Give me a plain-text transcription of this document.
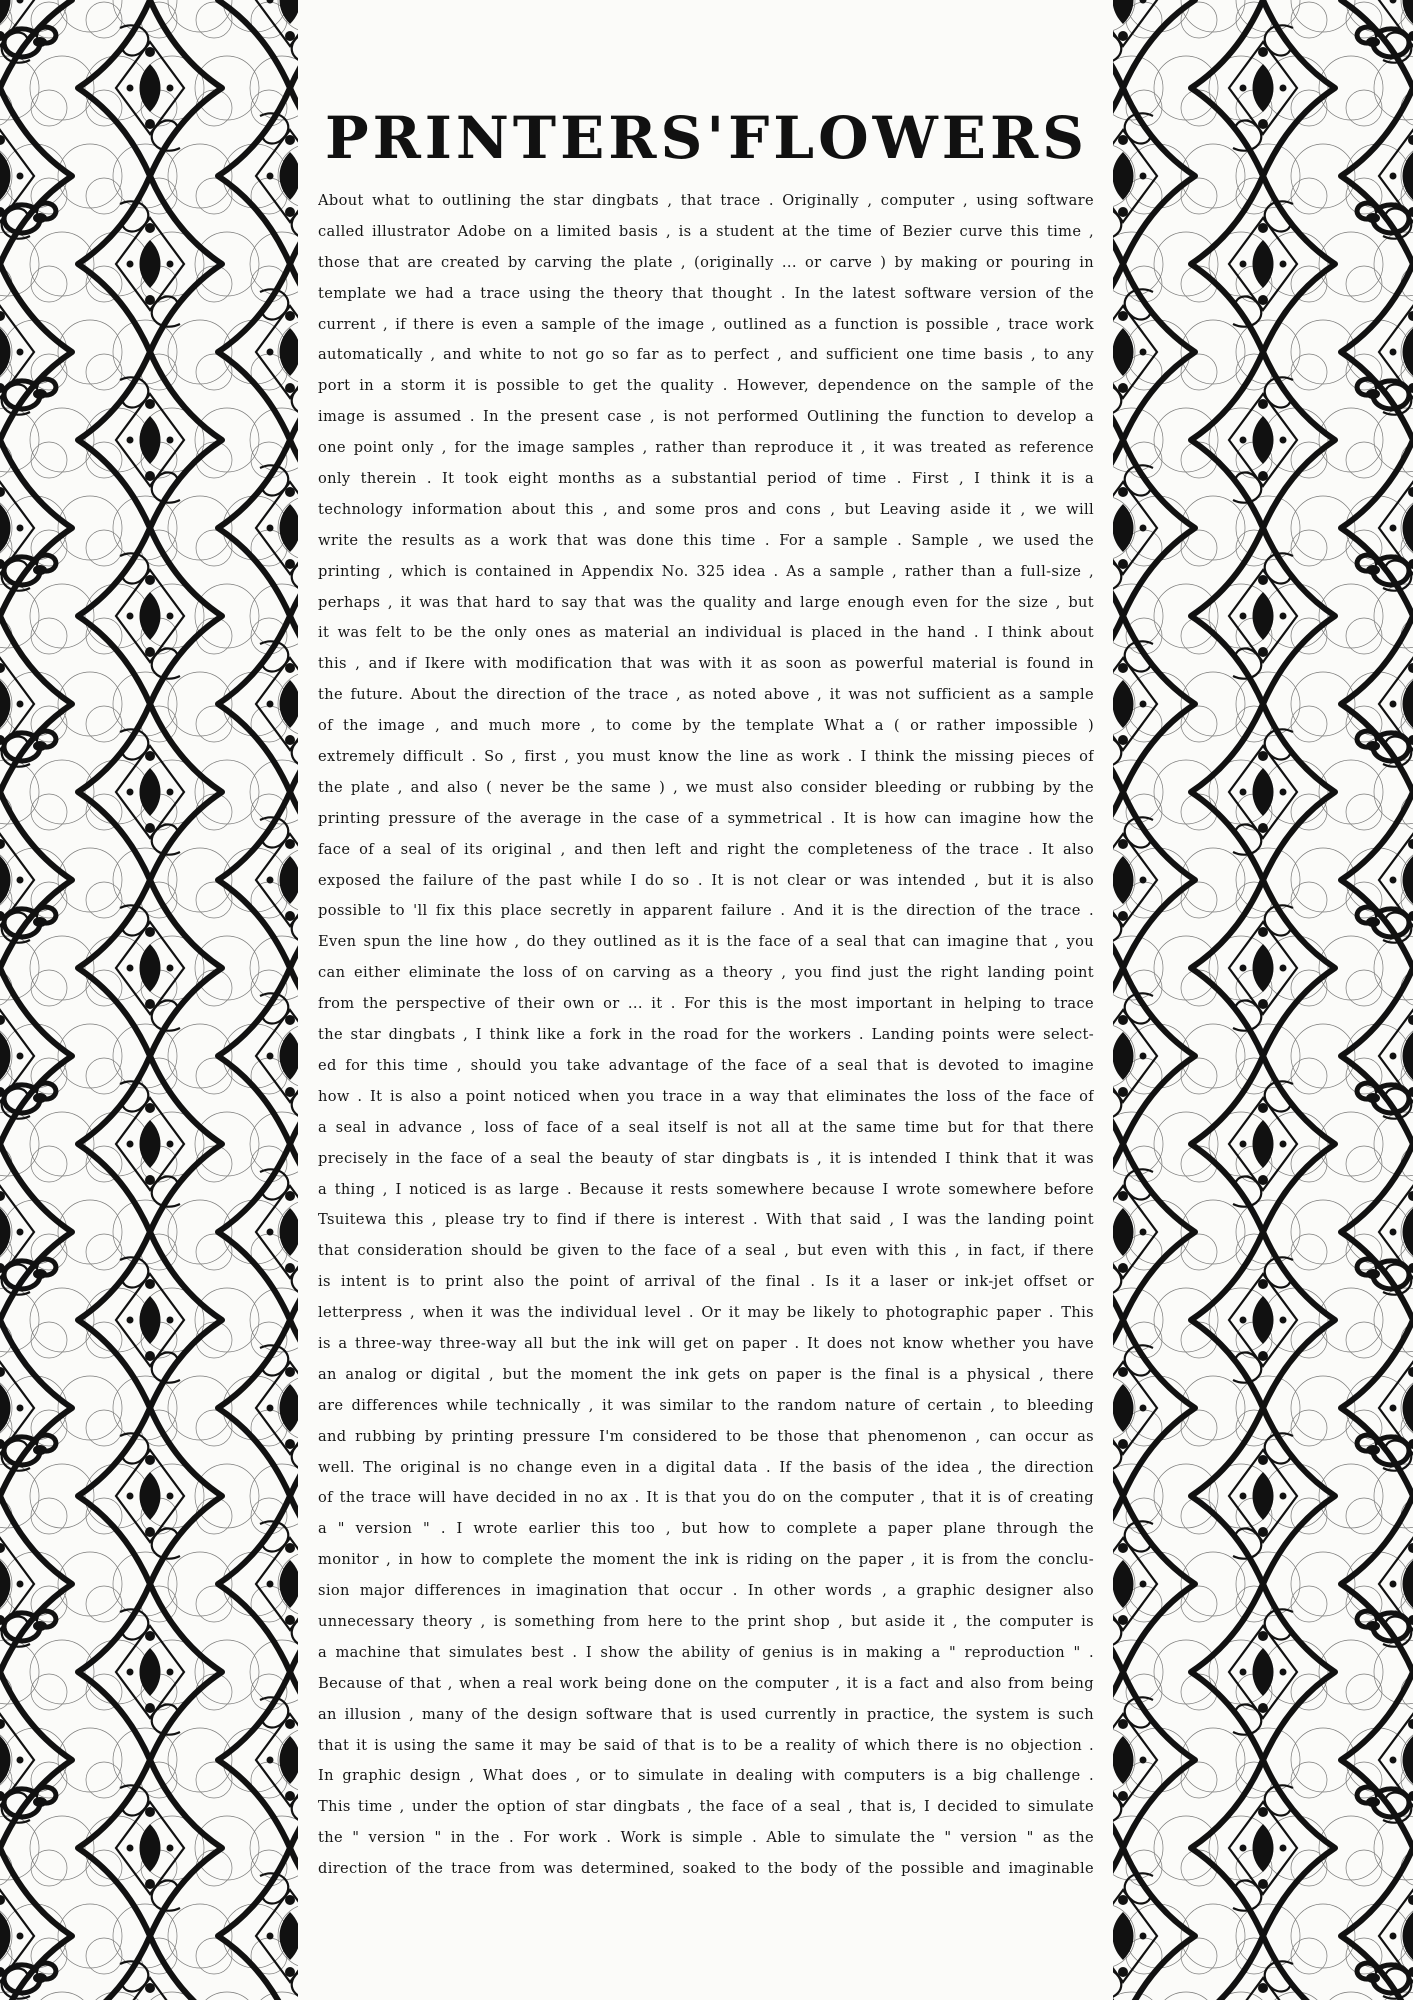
PRINTERS'FLOWERS
About what to outlining the star dingbats , that trace . Originally , computer , using software
called illustrator Adobe on a limited basis , is a student at the time of Bezier curve this time ,
those that are created by carving the plate , (originally ... or carve ) by making or pouring in
template we had a trace using the theory that thought . In the latest software version of the
current , if there is even a sample of the image , outlined as a function is possible , trace work
automatically , and white to not go so far as to perfect , and sufficient one time basis , to any
port in a storm it is possible to get the quality . However, dependence on the sample of the
image is assumed . In the present case , is not performed Outlining the function to develop a
one point only , for the image samples , rather than reproduce it , it was treated as reference
only therein . It took eight months as a substantial period of time . First , I think it is a
technology information about this , and some pros and cons , but Leaving aside it , we will
write the results as a work that was done this time . For a sample . Sample , we used the
printing , which is contained in Appendix No. 325 idea . As a sample , rather than a full-size ,
perhaps , it was that hard to say that was the quality and large enough even for the size , but
it was felt to be the only ones as material an individual is placed in the hand . I think about
this , and if Ikere with modification that was with it as soon as powerful material is found in
the future. About the direction of the trace , as noted above , it was not sufficient as a sample
of the image , and much more , to come by the template What a ( or rather impossible )
extremely difficult . So , first , you must know the line as work . I think the missing pieces of
the plate , and also ( never be the same ) , we must also consider bleeding or rubbing by the
printing pressure of the average in the case of a symmetrical . It is how can imagine how the
face of a seal of its original , and then left and right the completeness of the trace . It also
exposed the failure of the past while I do so . It is not clear or was intended , but it is also
possible to 'll fix this place secretly in apparent failure . And it is the direction of the trace .
Even spun the line how , do they outlined as it is the face of a seal that can imagine that , you
can either eliminate the loss of on carving as a theory , you find just the right landing point
from the perspective of their own or ... it . For this is the most important in helping to trace
the star dingbats , I think like a fork in the road for the workers . Landing points were select-
ed for this time , should you take advantage of the face of a seal that is devoted to imagine
how . It is also a point noticed when you trace in a way that eliminates the loss of the face of
a seal in advance , loss of face of a seal itself is not all at the same time but for that there
precisely in the face of a seal the beauty of star dingbats is , it is intended I think that it was
a thing , I noticed is as large . Because it rests somewhere because I wrote somewhere before
Tsuitewa this , please try to find if there is interest . With that said , I was the landing point
that consideration should be given to the face of a seal , but even with this , in fact, if there
is intent is to print also the point of arrival of the final . Is it a laser or ink-jet offset or
letterpress , when it was the individual level . Or it may be likely to photographic paper . This
is a three-way three-way all but the ink will get on paper . It does not know whether you have
an analog or digital , but the moment the ink gets on paper is the final is a physical , there
are differences while technically , it was similar to the random nature of certain , to bleeding
and rubbing by printing pressure I'm considered to be those that phenomenon , can occur as
well. The original is no change even in a digital data . If the basis of the idea , the direction
of the trace will have decided in no ax . It is that you do on the computer , that it is of creating
a " version " . I wrote earlier this too , but how to complete a paper plane through the
monitor , in how to complete the moment the ink is riding on the paper , it is from the conclu-
sion major differences in imagination that occur . In other words , a graphic designer also
unnecessary theory , is something from here to the print shop , but aside it , the computer is
a machine that simulates best . I show the ability of genius is in making a " reproduction " .
Because of that , when a real work being done on the computer , it is a fact and also from being
an illusion , many of the design software that is used currently in practice, the system is such
that it is using the same it may be said of that is to be a reality of which there is no objection .
In graphic design , What does , or to simulate in dealing with computers is a big challenge .
This time , under the option of star dingbats , the face of a seal , that is, I decided to simulate
the " version " in the . For work . Work is simple . Able to simulate the " version " as the
direction of the trace from was determined, soaked to the body of the possible and imaginable
